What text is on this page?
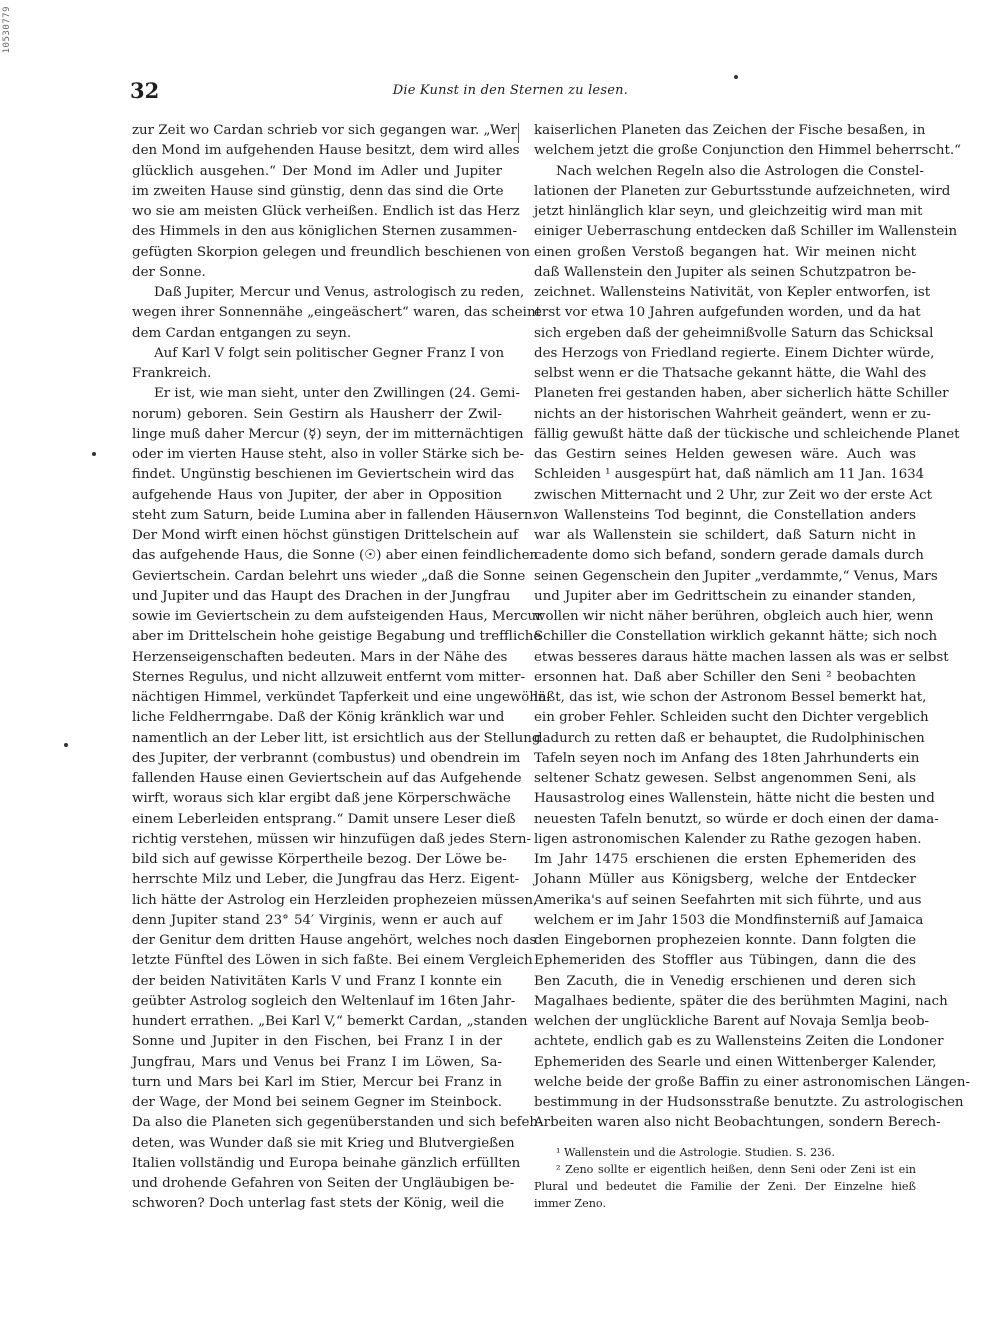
10530779
32	Die Kunst in den Sternen zu lesen.
zur Zeit wo Cardan schrieb vor sich gegangen war. „Wer
den Mond im aufgehenden Hause besitzt, dem wird alles
glücklich ausgehen.“ Der Mond im Adler und Jupiter
im zweiten Hause sind günstig, denn das sind die Orte
wo sie am meisten Glück verheißen. Endlich ist das Herz
des Himmels in den aus königlichen Sternen zusammen-
gefügten Skorpion gelegen und freundlich beschienen von
der Sonne.
Daß Jupiter, Mercur und Venus, astrologisch zu reden,
wegen ihrer Sonnennähe „eingeäschert“ waren, das scheint
dem Cardan entgangen zu seyn.
Auf Karl V folgt sein politischer Gegner Franz I von
Frankreich.
Er ist, wie man sieht, unter den Zwillingen (24. Gemi-
norum) geboren. Sein Gestirn als Hausherr der Zwil-
linge muß daher Mercur (☿) seyn, der im mitternächtigen
oder im vierten Hause steht, also in voller Stärke sich be-
findet. Ungünstig beschienen im Geviertschein wird das
aufgehende Haus von Jupiter, der aber in Opposition
steht zum Saturn, beide Lumina aber in fallenden Häusern.
Der Mond wirft einen höchst günstigen Drittelschein auf
das aufgehende Haus, die Sonne (☉) aber einen feindlichen
Geviertschein. Cardan belehrt uns wieder „daß die Sonne
und Jupiter und das Haupt des Drachen in der Jungfrau
sowie im Geviertschein zu dem aufsteigenden Haus, Mercur
aber im Drittelschein hohe geistige Begabung und treffliche
Herzenseigenschaften bedeuten. Mars in der Nähe des
Sternes Regulus, und nicht allzuweit entfernt vom mitter-
nächtigen Himmel, verkündet Tapferkeit und eine ungewöhn-
liche Feldherrngabe. Daß der König kränklich war und
namentlich an der Leber litt, ist ersichtlich aus der Stellung
des Jupiter, der verbrannt (combustus) und obendrein im
fallenden Hause einen Geviertschein auf das Aufgehende
wirft, woraus sich klar ergibt daß jene Körperschwäche
einem Leberleiden entsprang.“ Damit unsere Leser dieß
richtig verstehen, müssen wir hinzufügen daß jedes Stern-
bild sich auf gewisse Körpertheile bezog. Der Löwe be-
herrschte Milz und Leber, die Jungfrau das Herz. Eigent-
lich hätte der Astrolog ein Herzleiden prophezeien müssen,
denn Jupiter stand 23° 54′ Virginis, wenn er auch auf
der Genitur dem dritten Hause angehört, welches noch das
letzte Fünftel des Löwen in sich faßte. Bei einem Vergleich
der beiden Nativitäten Karls V und Franz I konnte ein
geübter Astrolog sogleich den Weltenlauf im 16ten Jahr-
hundert errathen. „Bei Karl V,“ bemerkt Cardan, „standen
Sonne und Jupiter in den Fischen, bei Franz I in der
Jungfrau, Mars und Venus bei Franz I im Löwen, Sa-
turn und Mars bei Karl im Stier, Mercur bei Franz in
der Wage, der Mond bei seinem Gegner im Steinbock.
Da also die Planeten sich gegenüberstanden und sich befeh-
deten, was Wunder daß sie mit Krieg und Blutvergießen
Italien vollständig und Europa beinahe gänzlich erfüllten
und drohende Gefahren von Seiten der Ungläubigen be-
schworen? Doch unterlag fast stets der König, weil die
kaiserlichen Planeten das Zeichen der Fische besaßen, in
welchem jetzt die große Conjunction den Himmel beherrscht.“
Nach welchen Regeln also die Astrologen die Constel-
lationen der Planeten zur Geburtsstunde aufzeichneten, wird
jetzt hinlänglich klar seyn, und gleichzeitig wird man mit
einiger Ueberraschung entdecken daß Schiller im Wallenstein
einen großen Verstoß begangen hat. Wir meinen nicht
daß Wallenstein den Jupiter als seinen Schutzpatron be-
zeichnet. Wallensteins Nativität, von Kepler entworfen, ist
erst vor etwa 10 Jahren aufgefunden worden, und da hat
sich ergeben daß der geheimnißvolle Saturn das Schicksal
des Herzogs von Friedland regierte. Einem Dichter würde,
selbst wenn er die Thatsache gekannt hätte, die Wahl des
Planeten frei gestanden haben, aber sicherlich hätte Schiller
nichts an der historischen Wahrheit geändert, wenn er zu-
fällig gewußt hätte daß der tückische und schleichende Planet
das Gestirn seines Helden gewesen wäre. Auch was
Schleiden ¹ ausgespürt hat, daß nämlich am 11 Jan. 1634
zwischen Mitternacht und 2 Uhr, zur Zeit wo der erste Act
von Wallensteins Tod beginnt, die Constellation anders
war als Wallenstein sie schildert, daß Saturn nicht in
cadente domo sich befand, sondern gerade damals durch
seinen Gegenschein den Jupiter „verdammte,“ Venus, Mars
und Jupiter aber im Gedrittschein zu einander standen,
wollen wir nicht näher berühren, obgleich auch hier, wenn
Schiller die Constellation wirklich gekannt hätte; sich noch
etwas besseres daraus hätte machen lassen als was er selbst
ersonnen hat. Daß aber Schiller den Seni ² beobachten
läßt, das ist, wie schon der Astronom Bessel bemerkt hat,
ein grober Fehler. Schleiden sucht den Dichter vergeblich
dadurch zu retten daß er behauptet, die Rudolphinischen
Tafeln seyen noch im Anfang des 18ten Jahrhunderts ein
seltener Schatz gewesen. Selbst angenommen Seni, als
Hausastrolog eines Wallenstein, hätte nicht die besten und
neuesten Tafeln benutzt, so würde er doch einen der dama-
ligen astronomischen Kalender zu Rathe gezogen haben.
Im Jahr 1475 erschienen die ersten Ephemeriden des
Johann Müller aus Königsberg, welche der Entdecker
Amerika's auf seinen Seefahrten mit sich führte, und aus
welchem er im Jahr 1503 die Mondfinsterniß auf Jamaica
den Eingebornen prophezeien konnte. Dann folgten die
Ephemeriden des Stoffler aus Tübingen, dann die des
Ben Zacuth, die in Venedig erschienen und deren sich
Magalhaes bediente, später die des berühmten Magini, nach
welchen der unglückliche Barent auf Novaja Semlja beob-
achtete, endlich gab es zu Wallensteins Zeiten die Londoner
Ephemeriden des Searle und einen Wittenberger Kalender,
welche beide der große Baffin zu einer astronomischen Längen-
bestimmung in der Hudsonsstraße benutzte. Zu astrologischen
Arbeiten waren also nicht Beobachtungen, sondern Berech-
¹ Wallenstein und die Astrologie. Studien. S. 236.
² Zeno sollte er eigentlich heißen, denn Seni oder Zeni ist ein
Plural und bedeutet die Familie der Zeni. Der Einzelne hieß
immer Zeno.
